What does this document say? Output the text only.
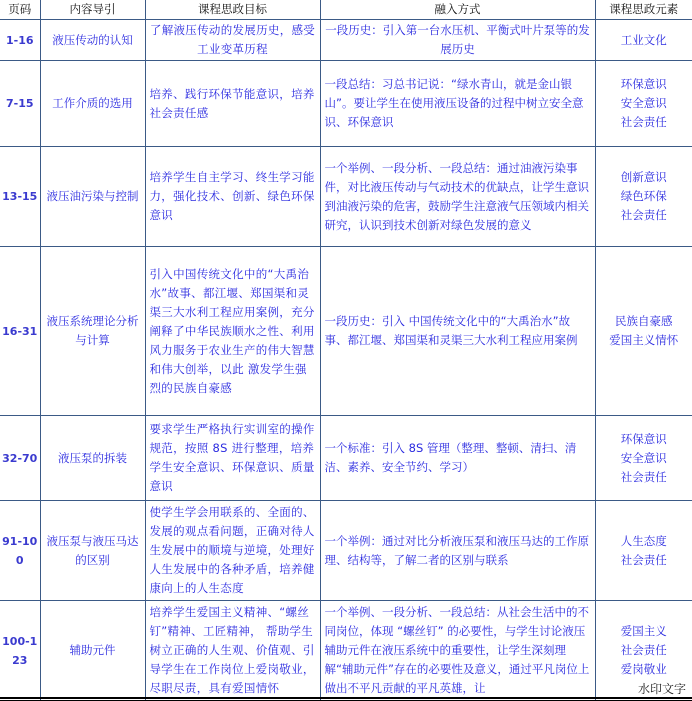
页码	内容导引	课程思政目标	融入方式	课程思政元素
1-16	液压传动的认知	了解液压传动的发展历史，感受工业变革历程	一段历史：引入第一台水压机、平衡式叶片泵等的发展历史	工业文化

7-15	工作介质的选用	培养、践行环保节能意识，培养社会责任感	一段总结：习总书记说：“绿水青山，就是金山银山”。要让学生在使用液压设备的过程中树立安全意识、环保意识	环保意识
安全意识
社会责任

13-15	液压油污染与控制	培养学生自主学习、终生学习能力，强化技术、创新、绿色环保意识	一个举例、一段分析、一段总结：通过油液污染事件，对比液压传动与气动技术的优缺点，让学生意识到油液污染的危害，鼓励学生注意液气压领域内相关研究，认识到技术创新对绿色发展的意义	创新意识
绿色环保
社会责任

16-31	液压系统理论分析与计算	引入中国传统文化中的“大禹治水”故事、都江堰、郑国渠和灵渠三大水利工程应用案例，充分阐释了中华民族顺水之性、利用风力服务于农业生产的伟大智慧和伟大创举，以此 激发学生强烈的民族自豪感	一段历史：引入 中国传统文化中的“大禹治水”故事、都江堰、郑国渠和灵渠三大水利工程应用案例	民族自豪感
爱国主义情怀

32-70	液压泵的拆装	要求学生严格执行实训室的操作规范，按照 8S 进行整理，培养学生安全意识、环保意识、质量意识	一个标准：引入 8S 管理（整理、整顿、清扫、清洁、素养、安全节约、学习）	环保意识
安全意识
社会责任

91-100	液压泵与液压马达的区别	使学生学会用联系的、全面的、发展的观点看问题，正确对待人生发展中的顺境与逆境，处理好人生发展中的各种矛盾，培养健康向上的人生态度	一个举例：通过对比分析液压泵和液压马达的工作原理、结构等，了解二者的区别与联系	人生态度
社会责任

100-123	辅助元件	培养学生爱国主义精神、“螺丝钉”精神、工匠精神， 帮助学生树立正确的人生观、价值观、引导学生在工作岗位上爱岗敬业，尽职尽责，具有爱国情怀	一个举例、一段分析、一段总结：从社会生活中的不同岗位，体现 “螺丝钉” 的必要性，与学生讨论液压辅助元件在液压系统中的重要性，让学生深刻理解“辅助元件”存在的必要性及意义，通过平凡岗位上做出不平凡贡献的平凡英雄，让	爱国主义
社会责任
爱岗敬业
水印文字
